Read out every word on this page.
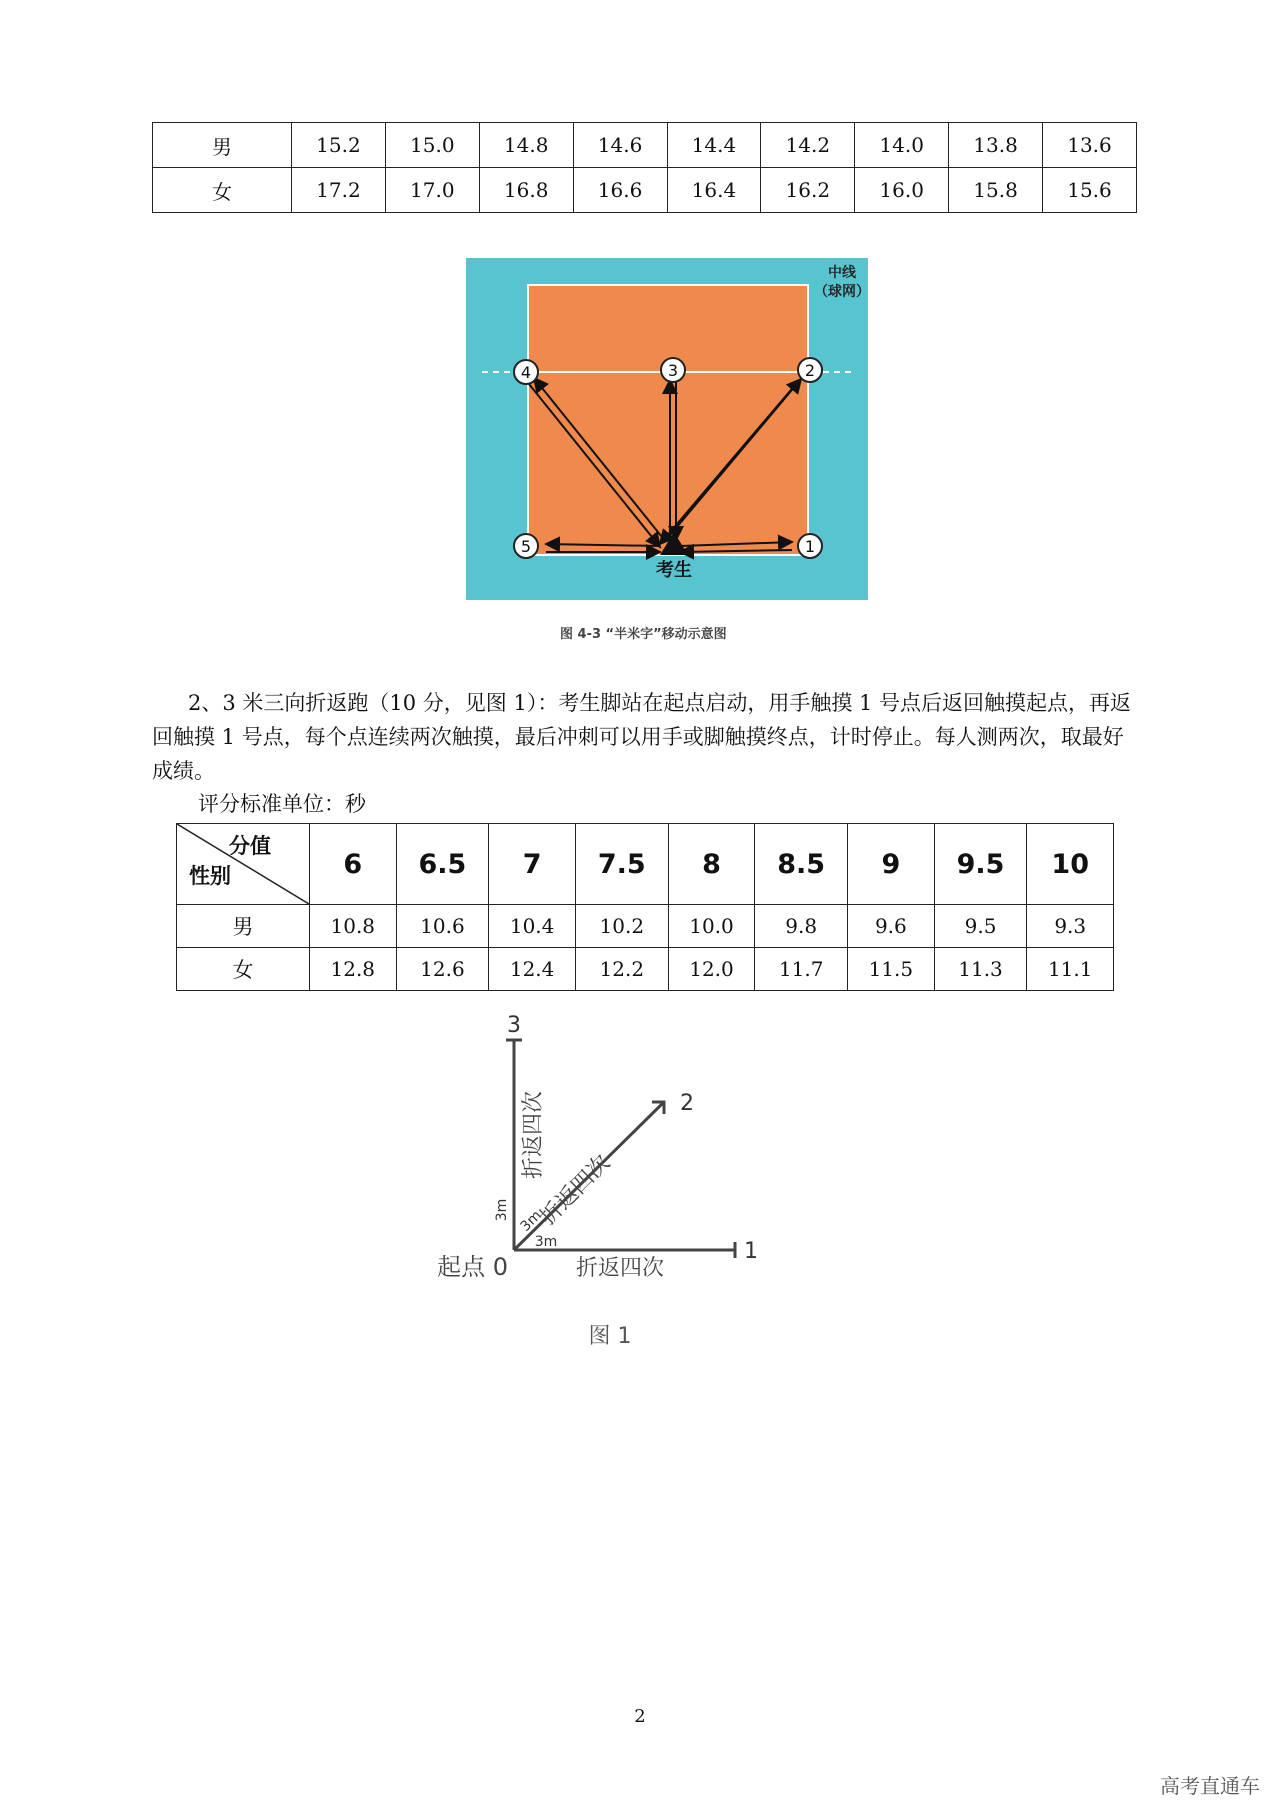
男	15.2	15.0	14.8	14.6	14.4	14.2	14.0	13.8	13.6
女	17.2	17.0	16.8	16.6	16.4	16.2	16.0	15.8	15.6
中线
（球网）
4	3	2
5	1
考生
图 4-3 “半米字”移动示意图
2、3 米三向折返跑（10 分，见图 1）：考生脚站在起点启动，用手触摸 1 号点后返回触摸起点，再返回触摸 1 号点，每个点连续两次触摸，最后冲刺可以用手或脚触摸终点，计时停止。每人测两次，取最好成绩。
评分标准单位：秒
分值
性别	6	6.5	7	7.5	8	8.5	9	9.5	10
男	10.8	10.6	10.4	10.2	10.0	9.8	9.6	9.5	9.3
女	12.8	12.6	12.4	12.2	12.0	11.7	11.5	11.3	11.1
3
2
1
起点 0	折返四次
3m
折返四次
3m 折返四次
3m
图 1
2
高考直通车
